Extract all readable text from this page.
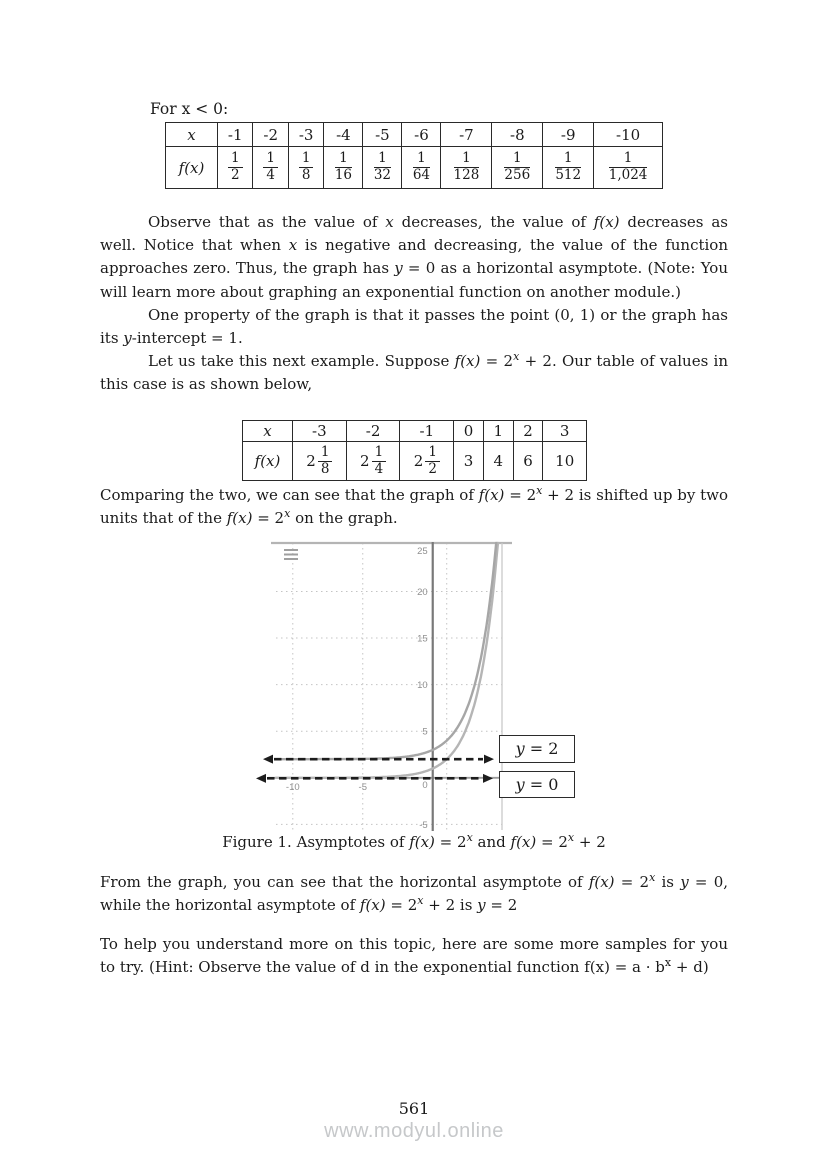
For x < 0:
x	-1	-2	-3	-4	-5	-6	-7	-8	-9	-10
f(x)	$\frac{1}{2}$	$\frac{1}{4}$	$\frac{1}{8}$	$\frac{1}{16}$	$\frac{1}{32}$	$\frac{1}{64}$	$\frac{1}{128}$	$\frac{1}{256}$	$\frac{1}{512}$	$\frac{1}{1,024}$

Observe that as the value of x decreases, the value of f(x) decreases as well. Notice that when x is negative and decreasing, the value of the function approaches zero. Thus, the graph has y = 0 as a horizontal asymptote. (Note: You will learn more about graphing an exponential function on another module.)

One property of the graph is that it passes the point (0, 1) or the graph has its y-intercept = 1.

Let us take this next example. Suppose $f(x) = 2^x + 2$. Our table of values in this case is as shown below,

x	-3	-2	-1	0	1	2	3
f(x)	$2 \frac{1}{8}$	$2 \frac{1}{4}$	$2 \frac{1}{2}$	3	4	6	10

Comparing the two, we can see that the graph of $f(x) = 2^x + 2$ is shifted up by two units that of the $f(x) = 2^x$ on the graph.

25
20
15
10
5
0
-5
-10	-5
y = 2
y = 0

Figure 1. Asymptotes of $f(x) = 2^x$ and $f(x) = 2^x + 2$

From the graph, you can see that the horizontal asymptote of $f(x) = 2^x$ is y = 0, while the horizontal asymptote of $f(x) = 2^x + 2$ is y = 2

To help you understand more on this topic, here are some more samples for you to try. (Hint: Observe the value of d in the exponential function $f(x) = a \cdot b^x + d$)

561
www.modyul.online
